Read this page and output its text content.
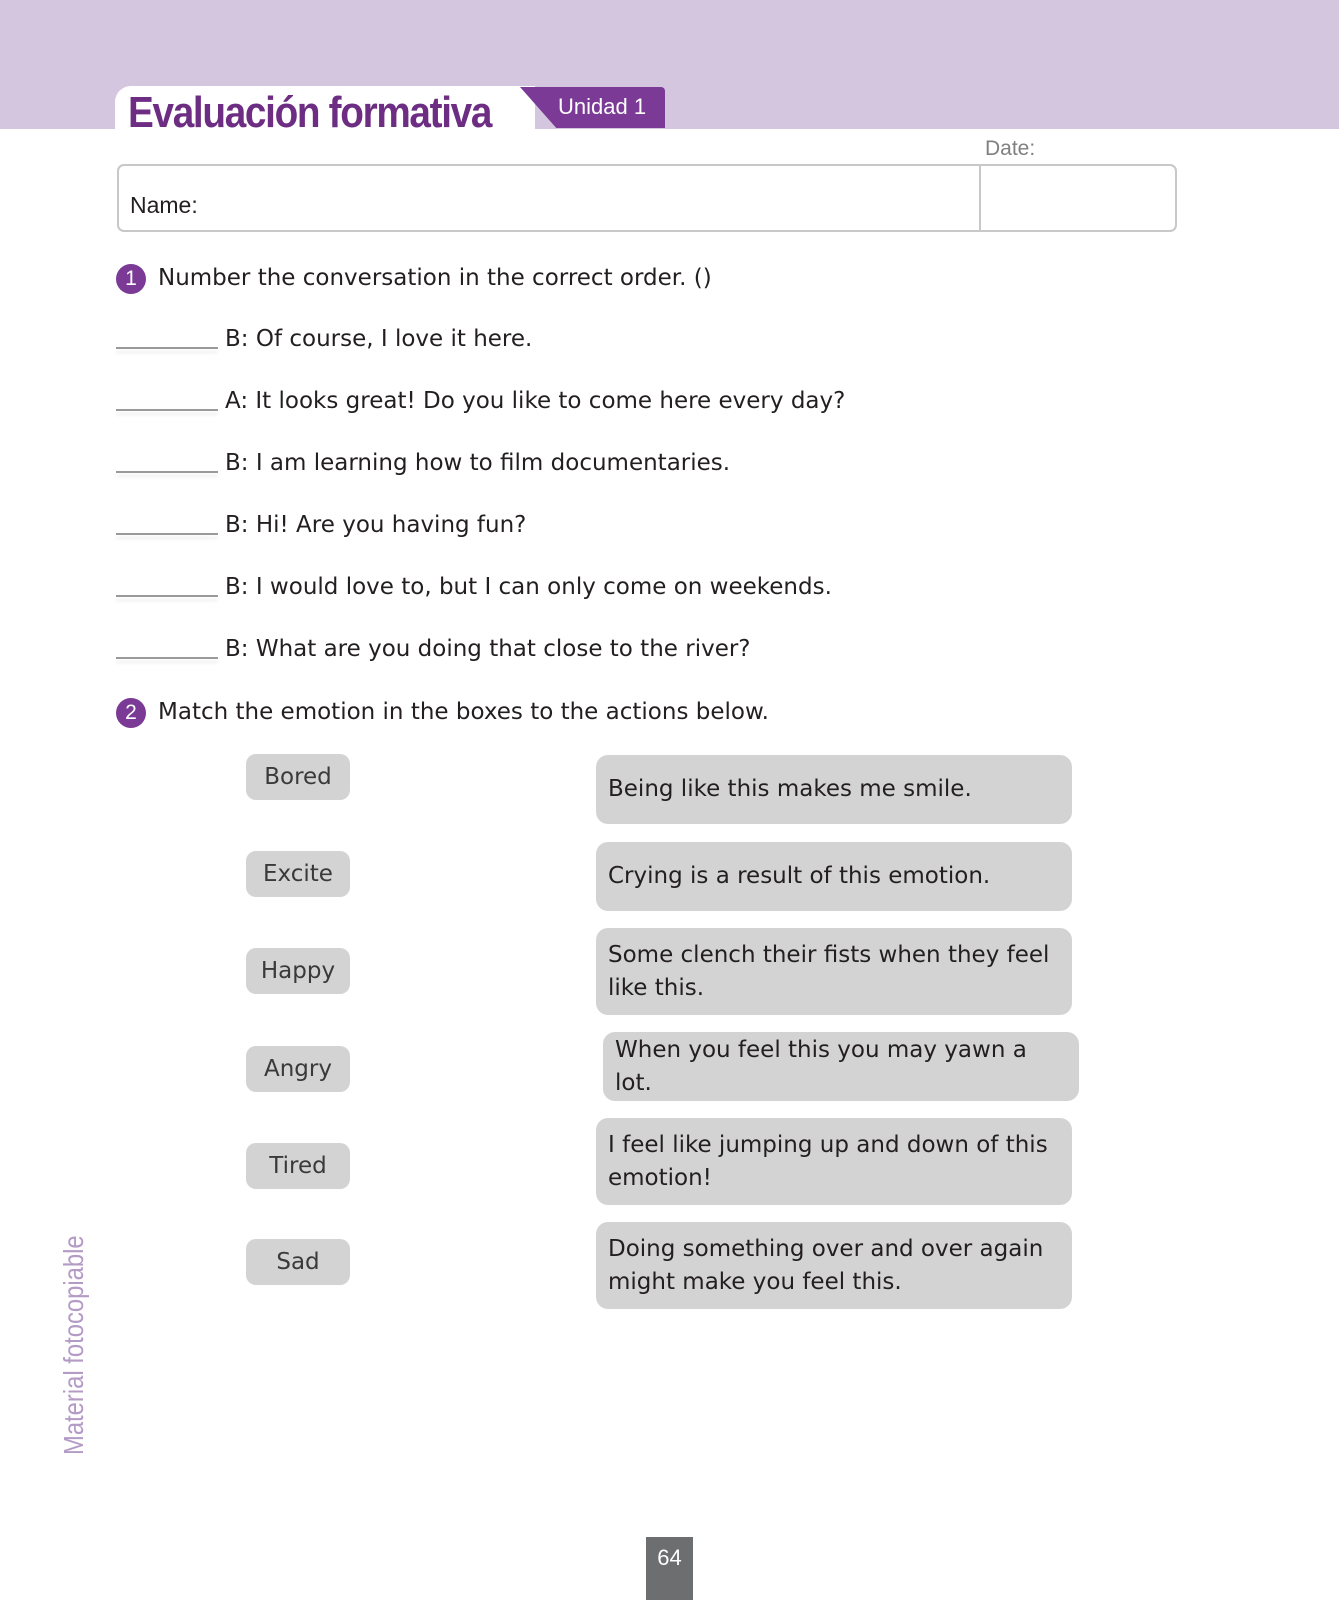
Evaluación formativa	Unidad 1
Date:
Name:
1 Number the conversation in the correct order. ()
B: Of course, I love it here.
A: It looks great! Do you like to come here every day?
B: I am learning how to film documentaries.
B: Hi! Are you having fun?
B: I would love to, but I can only come on weekends.
B: What are you doing that close to the river?
2 Match the emotion in the boxes to the actions below.
Bored
Excite
Happy
Angry
Tired
Sad
Being like this makes me smile.
Crying is a result of this emotion.
Some clench their fists when they feel like this.
When you feel this you may yawn a lot.
I feel like jumping up and down of this emotion!
Doing something over and over again might make you feel this.
Material fotocopiable
64
